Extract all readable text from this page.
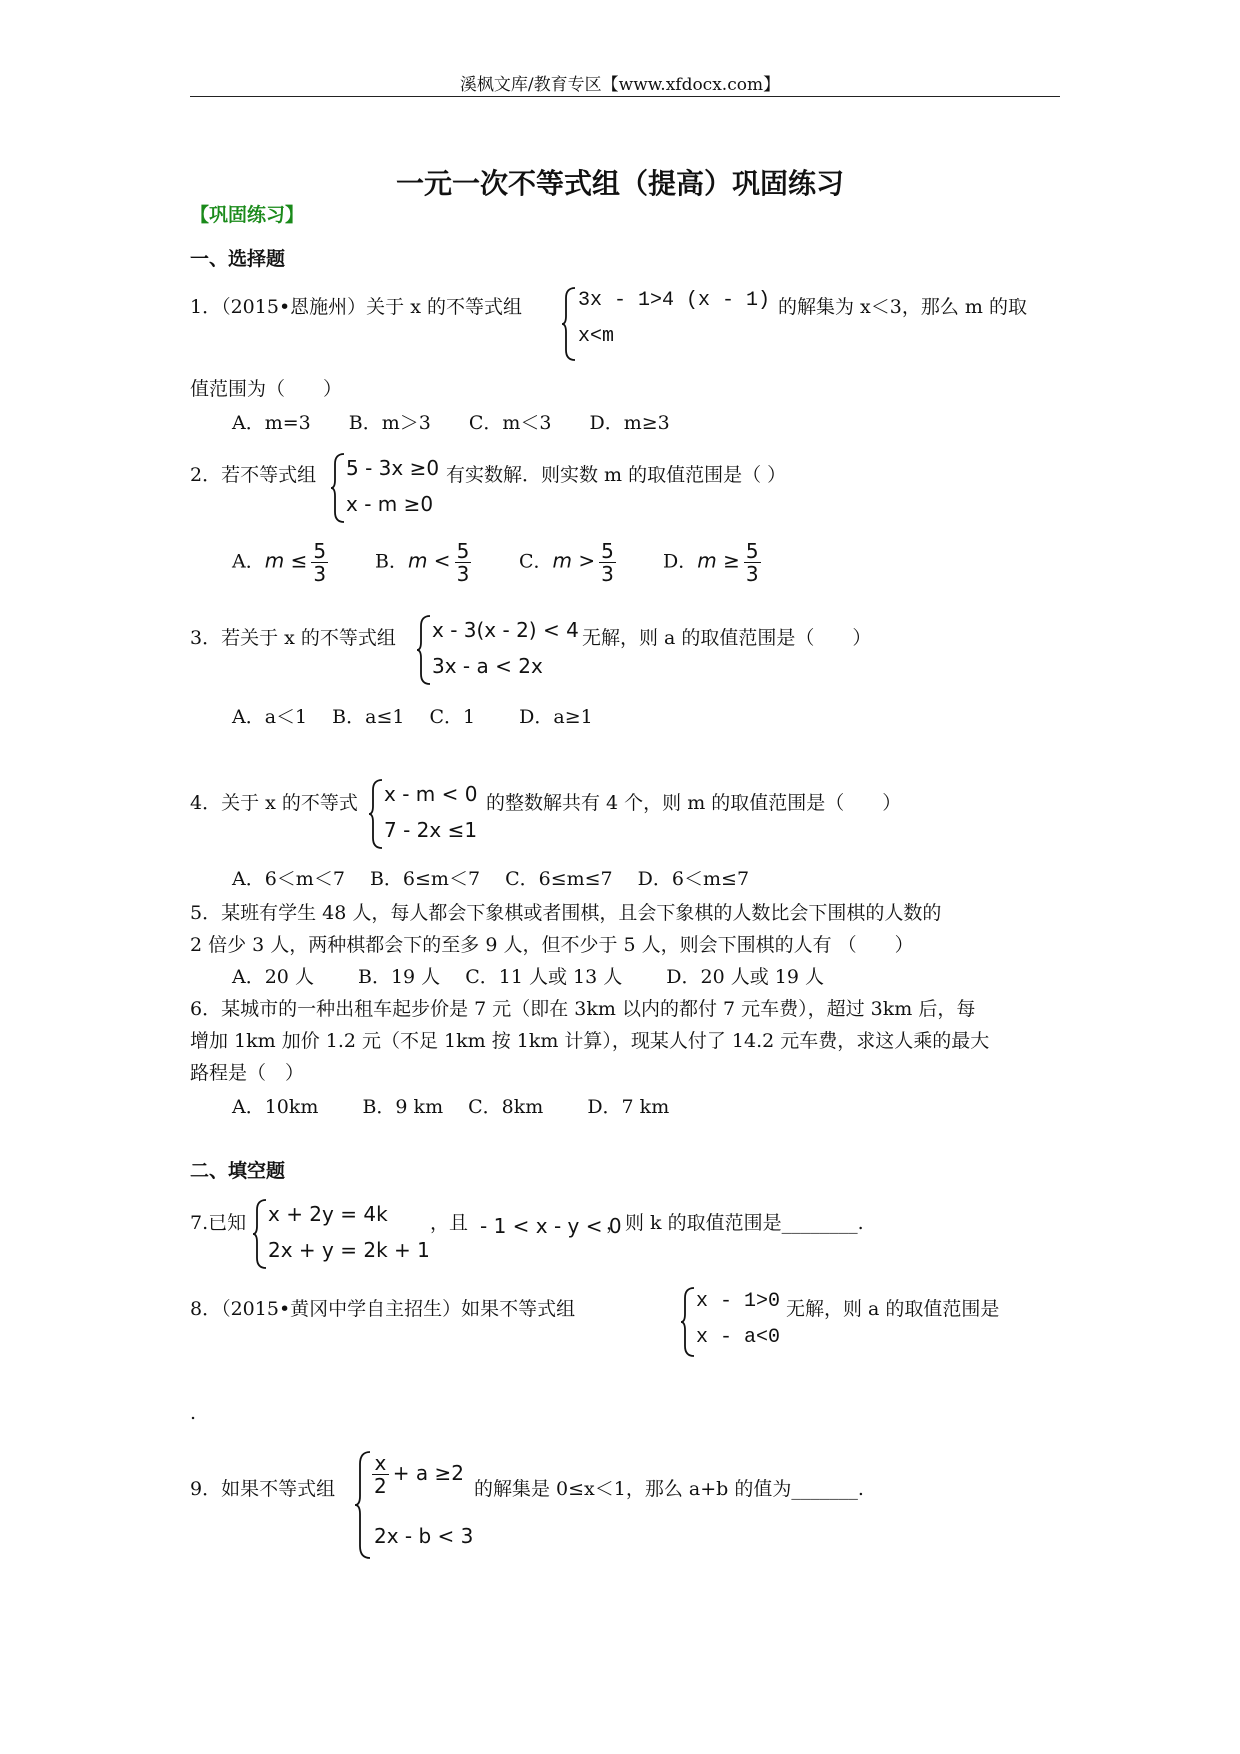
溪枫文库/教育专区【www.xfdocx.com】
一元一次不等式组（提高）巩固练习
【巩固练习】
一、选择题
1．（2015•恩施州）关于 x 的不等式组	3x - 1>4 (x - 1)
x<m
的解集为 x＜3，那么 m 的取
值范围为（　　）
A．m=3　　B．m＞3　　C．m＜3　　D．m≥3
2．若不等式组 5 - 3x ≥0
x - m ≥0
有实数解．则实数 m 的取值范围是（ ）
A．$m \le \frac{5}{3}$ B．$m < \frac{5}{3}$	C．$m > \frac{5}{3}$ D．$m \ge \frac{5}{3}$
3．若关于 x 的不等式组 x - 3(x - 2) < 4
3x - a < 2x
无解，则 a 的取值范围是（　　）
A．a＜1　 B．a≤1　 C．1　　 D．a≥1
4．关于 x 的不等式 x - m < 0
7 - 2x ≤1
的整数解共有 4 个，则 m 的取值范围是（　　）
A．6＜m＜7　 B．6≤m＜7　 C．6≤m≤7　 D．6＜m≤7
5．某班有学生 48 人，每人都会下象棋或者围棋，且会下象棋的人数比会下围棋的人数的
2 倍少 3 人，两种棋都会下的至多 9 人，但不少于 5 人，则会下围棋的人有 （　　）
A．20 人　　 B．19 人　 C．11 人或 13 人　　 D．20 人或 19 人
6．某城市的一种出租车起步价是 7 元（即在 3km 以内的都付 7 元车费），超过 3km 后，每
增加 1km 加价 1.2 元（不足 1km 按 1km 计算），现某人付了 14.2 元车费，求这人乘的最大
路程是（　）
A．10km　　 B．9 km　 C．8km　　 D．7 km
二、填空题
7.已知 x + 2y = 4k
2x + y = 2k + 1
，且 - 1 < x - y < 0
，则 k 的取值范围是________.
8．（2015•黄冈中学自主招生）如果不等式组	x - 1>0
x - a<0
无解，则 a 的取值范围是
.
9．如果不等式组 $\frac{x}{2} + a \ge 2$
2x - b < 3
的解集是 0≤x＜1，那么 a+b 的值为_______.
